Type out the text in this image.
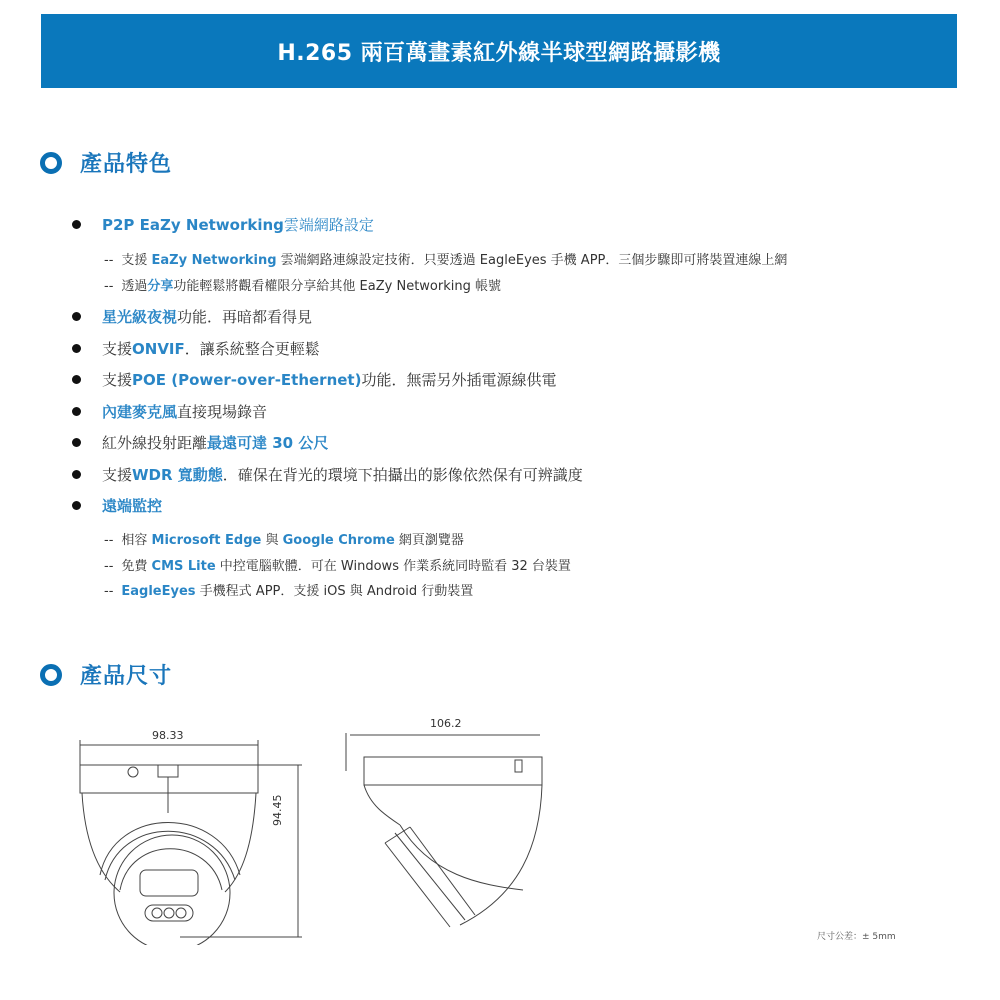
H.265 兩百萬畫素紅外線半球型網路攝影機
產品特色
P2P EaZy Networking 雲端網路設定
-- 支援 EaZy Networking 雲端網路連線設定技術．只要透過 EagleEyes 手機 APP．三個步驟即可將裝置連線上網
-- 透過分享功能輕鬆將觀看權限分享給其他 EaZy Networking 帳號
星光級夜視 功能．再暗都看得見
支援 ONVIF ．讓系統整合更輕鬆
支援 POE (Power-over-Ethernet) 功能．無需另外插電源線供電
內建麥克風 直接現場錄音
紅外線投射距離 最遠可達 30 公尺
支援 WDR 寬動態 ．確保在背光的環境下拍攝出的影像依然保有可辨識度
遠端監控
-- 相容 Microsoft Edge 與 Google Chrome 網頁瀏覽器
-- 免費 CMS Lite 中控電腦軟體．可在 Windows 作業系統同時監看 32 台裝置
-- EagleEyes 手機程式 APP．支援 iOS 與 Android 行動裝置
產品尺寸
98.33
94.45
106.2
尺寸公差：± 5mm
